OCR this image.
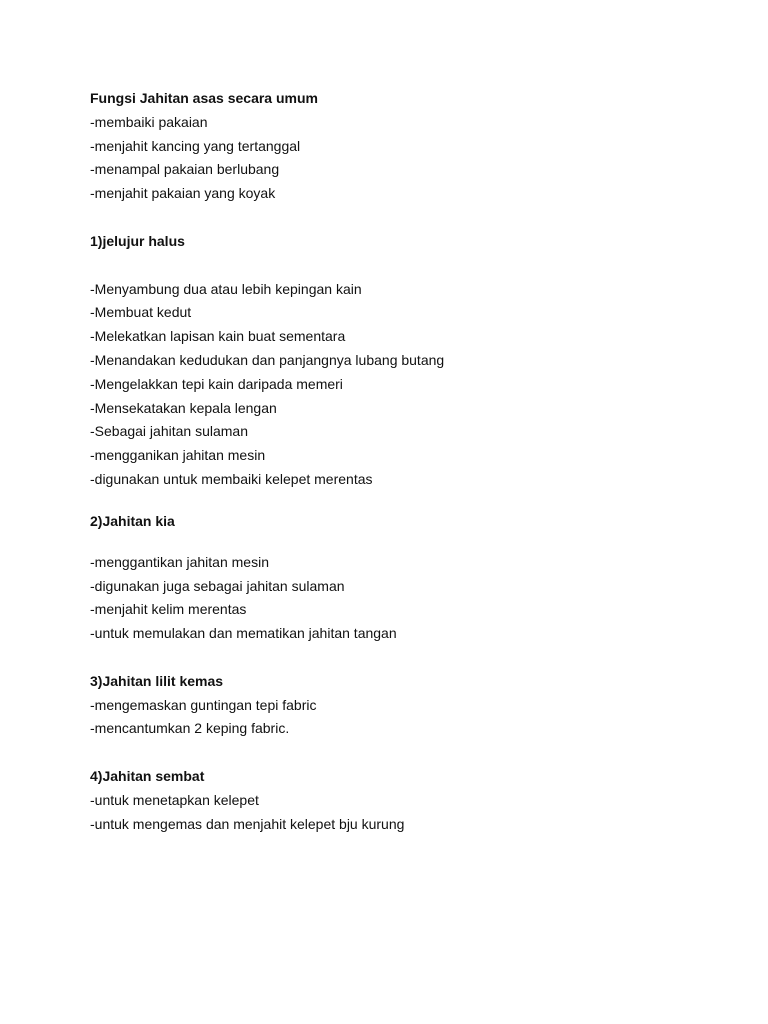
Fungsi Jahitan asas secara umum
-membaiki pakaian
-menjahit kancing yang tertanggal
-menampal pakaian berlubang
-menjahit pakaian yang koyak
1)jelujur halus
-Menyambung dua atau lebih kepingan kain
-Membuat kedut
-Melekatkan lapisan kain buat sementara
-Menandakan kedudukan dan panjangnya lubang butang
-Mengelakkan tepi kain daripada memeri
-Mensekatakan kepala lengan
-Sebagai jahitan sulaman
-mengganikan jahitan mesin
-digunakan untuk membaiki kelepet merentas
2)Jahitan kia
-menggantikan jahitan mesin
-digunakan juga sebagai jahitan sulaman
-menjahit kelim merentas
-untuk memulakan dan mematikan jahitan tangan
3)Jahitan lilit kemas
-mengemaskan guntingan tepi fabric
-mencantumkan 2 keping fabric.
4)Jahitan sembat
-untuk menetapkan kelepet
-untuk mengemas dan menjahit kelepet bju kurung
